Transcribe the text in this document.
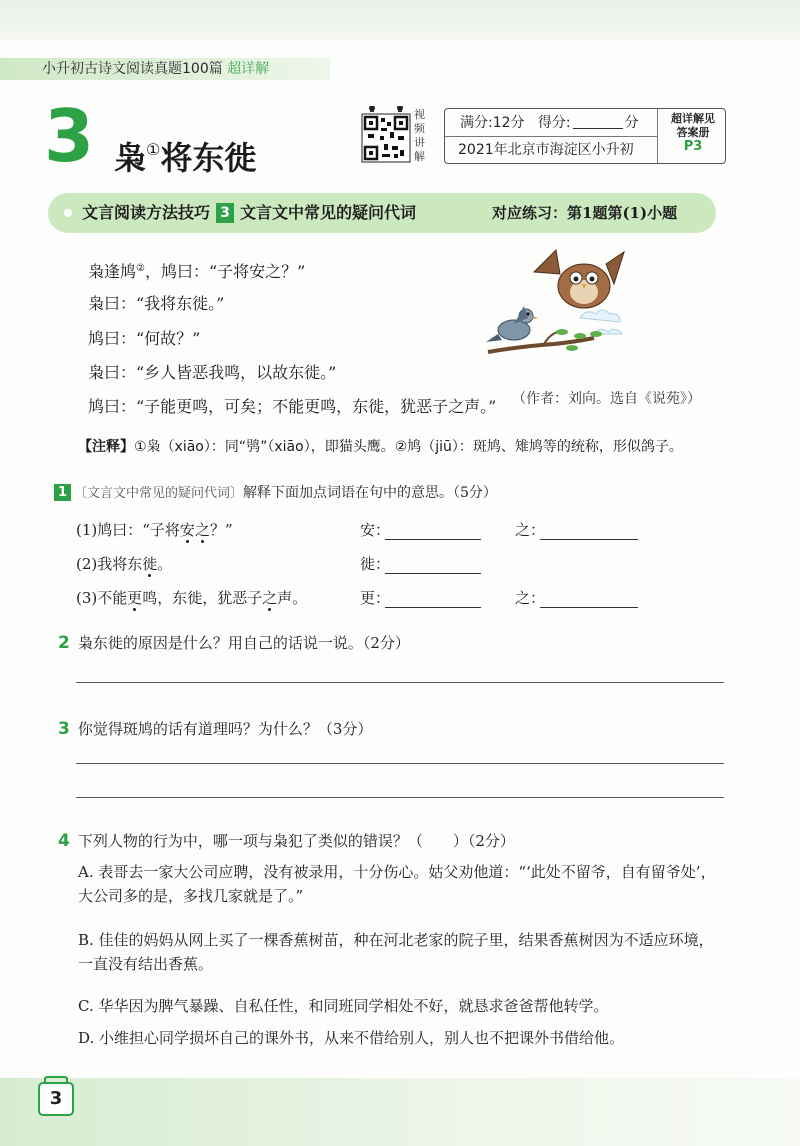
小升初古诗文阅读真题100篇 超详解
3 枭①将东徙
视频讲解
满分:12分 得分:	分
2021年北京市海淀区小升初
超详解见
答案册
P3
文言阅读方法技巧 3 文言文中常见的疑问代词	对应练习：第1题第(1)小题
枭逢鸠②，鸠曰：“子将安之？”
枭曰：“我将东徙。”
鸠曰：“何故？”
枭曰：“乡人皆恶我鸣，以故东徙。”
鸠曰：“子能更鸣，可矣；不能更鸣，东徙，犹恶子之声。” （作者：刘向。选自《说苑》）
【注释】①枭（xiāo）：同“鸮”（xiāo），即猫头鹰。②鸠（jiū）：斑鸠、雉鸠等的统称，形似鸽子。
1 〔文言文中常见的疑问代词〕解释下面加点词语在句中的意思。（5分）
(1)鸠曰：“子将安之？”	安：	之：
(2)我将东徙。	徙：
(3)不能更鸣，东徙，犹恶子之声。	更：	之：
2 枭东徙的原因是什么？用自己的话说一说。（2分）
3 你觉得斑鸠的话有道理吗？为什么？（3分）
4 下列人物的行为中，哪一项与枭犯了类似的错误？（　　）（2分）
A. 表哥去一家大公司应聘，没有被录用，十分伤心。姑父劝他道：“‘此处不留爷，自有留爷处’，大公司多的是，多找几家就是了。”
B. 佳佳的妈妈从网上买了一棵香蕉树苗，种在河北老家的院子里，结果香蕉树因为不适应环境，一直没有结出香蕉。
C. 华华因为脾气暴躁、自私任性，和同班同学相处不好，就恳求爸爸帮他转学。
D. 小维担心同学损坏自己的课外书，从来不借给别人，别人也不把课外书借给他。
3
